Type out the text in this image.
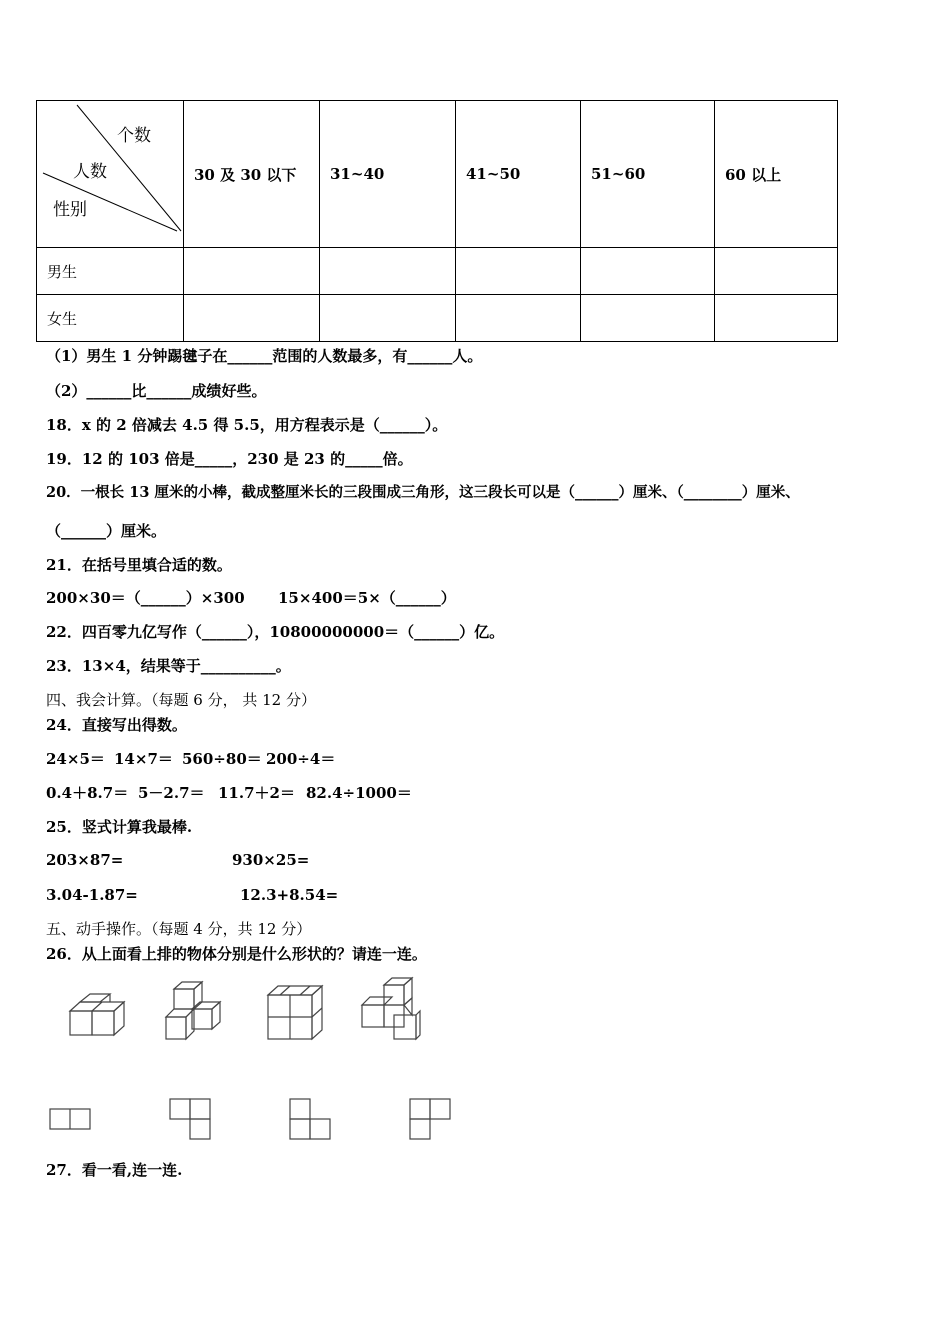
个数
人数
性别	30 及 30 以下	31~40	41~50	51~60	60 以上
男生					
女生					
（1）男生 1 分钟踢毽子在______范围的人数最多，有______人。
（2）______比______成绩好些。
18．x 的 2 倍减去 4.5 得 5.5，用方程表示是（______）。
19．12 的 103 倍是_____，230 是 23 的_____倍。
20．一根长 13 厘米的小棒，截成整厘米长的三段围成三角形，这三段长可以是（______）厘米、（________）厘米、
（______）厘米。
21．在括号里填合适的数。
200×30＝（______）×300 15×400＝5×（______）
22．四百零九亿写作（______），10800000000＝（______）亿。
23．13×4，结果等于__________。
四、我会计算。（每题 6 分， 共 12 分）
24．直接写出得数。
24×5＝ 14×7＝ 560÷80＝ 200÷4＝
0.4＋8.7＝ 5－2.7＝ 11.7＋2＝ 82.4÷1000＝
25．竖式计算我最棒.
203×87=	930×25=
3.04-1.87=	12.3+8.54=
五、动手操作。（每题 4 分，共 12 分）
26．从上面看上排的物体分别是什么形状的？请连一连。
27．看一看,连一连.
